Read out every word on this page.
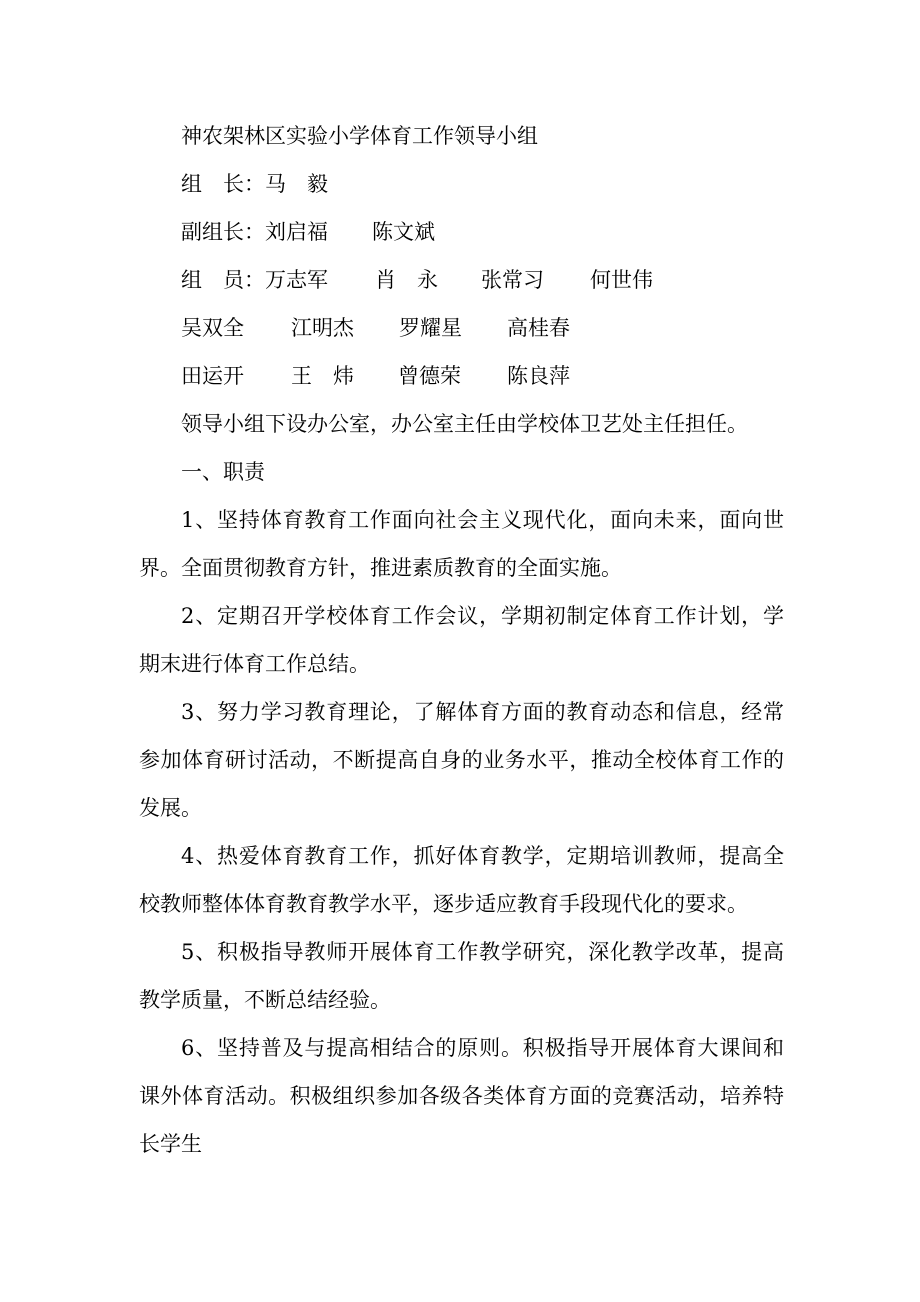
神农架林区实验小学体育工作领导小组

组　长：马　毅

副组长：刘启福 陈文斌

组　员：万志军 肖　永 张常习 何世伟

吴双全 江明杰 罗耀星 高桂春

田运开 王　炜 曾德荣 陈良萍

领导小组下设办公室，办公室主任由学校体卫艺处主任担任。

一、职责

1、坚持体育教育工作面向社会主义现代化，面向未来，面向世

界。全面贯彻教育方针，推进素质教育的全面实施。

2、定期召开学校体育工作会议，学期初制定体育工作计划，学

期末进行体育工作总结。

3、努力学习教育理论，了解体育方面的教育动态和信息，经常

参加体育研讨活动，不断提高自身的业务水平，推动全校体育工作的

发展。

4、热爱体育教育工作，抓好体育教学，定期培训教师，提高全

校教师整体体育教育教学水平，逐步适应教育手段现代化的要求。

5、积极指导教师开展体育工作教学研究，深化教学改革，提高

教学质量，不断总结经验。

6、坚持普及与提高相结合的原则。积极指导开展体育大课间和

课外体育活动。积极组织参加各级各类体育方面的竞赛活动，培养特

长学生
